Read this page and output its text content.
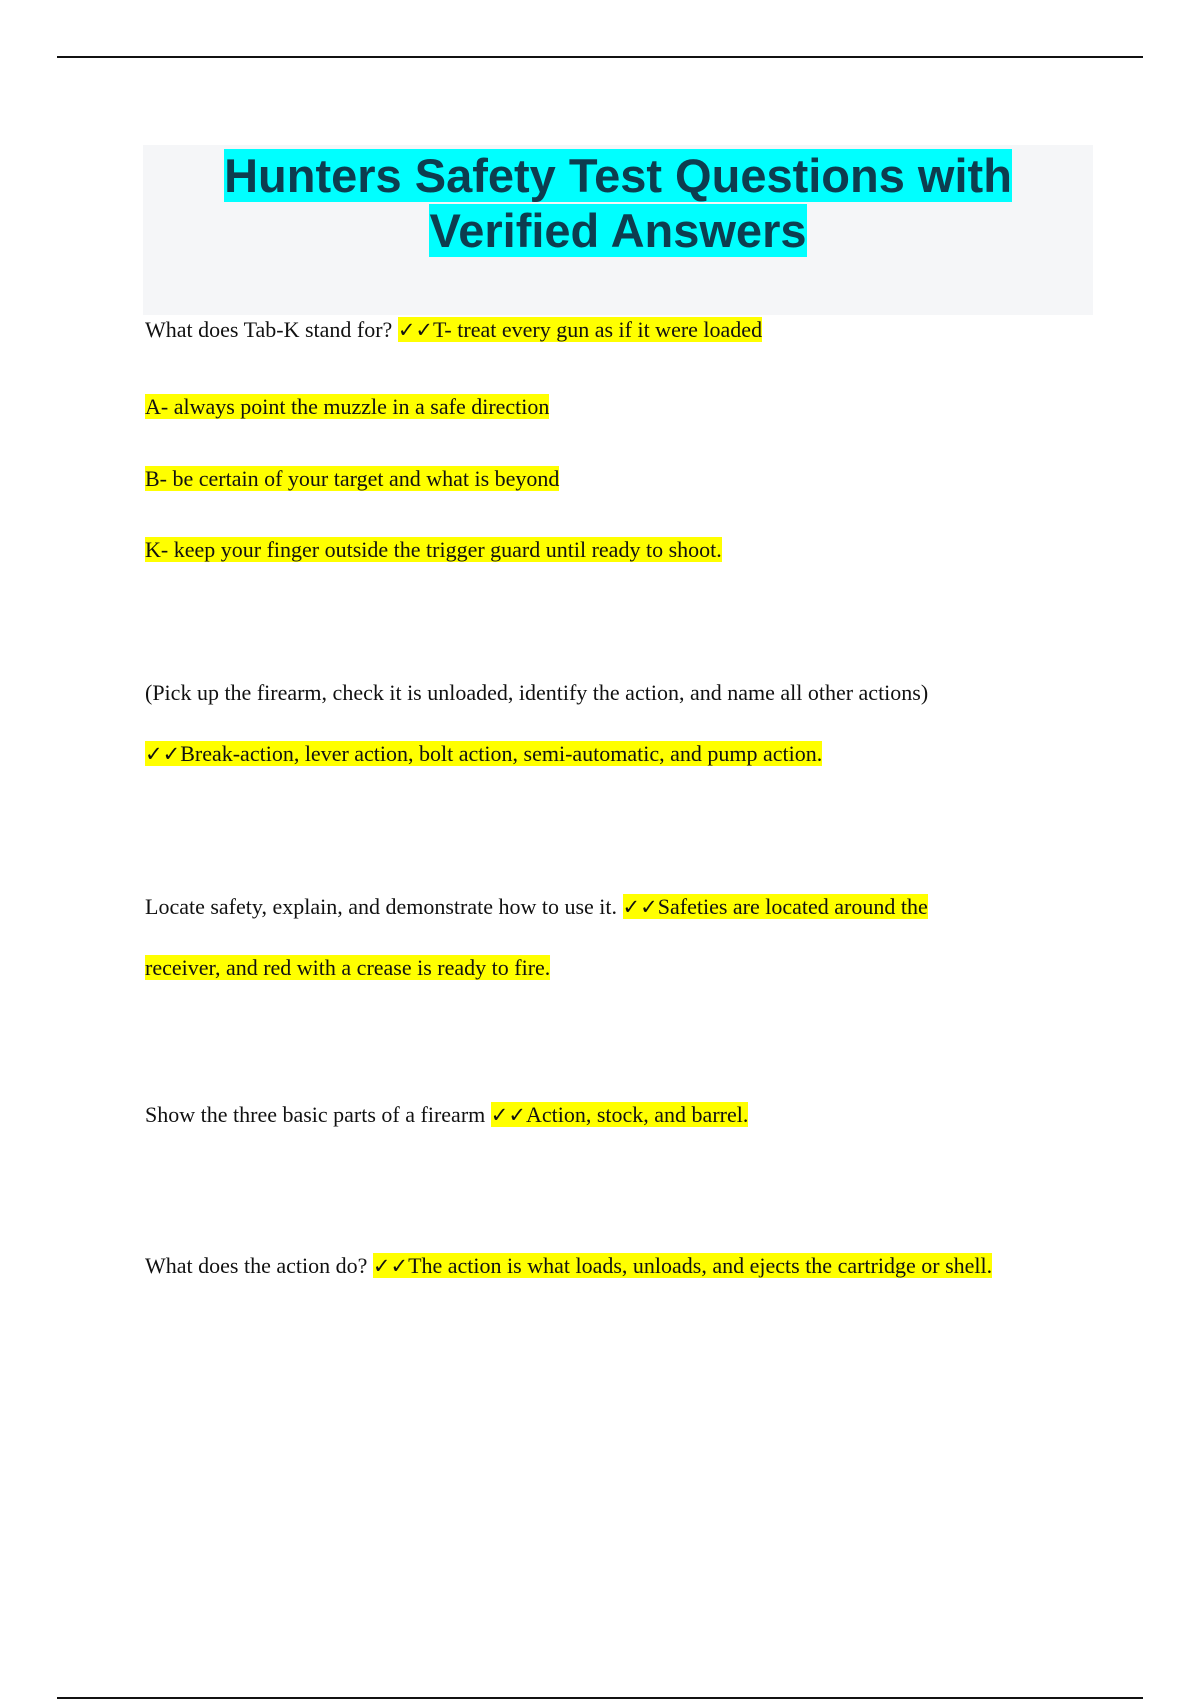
Hunters Safety Test Questions with
Verified Answers
What does Tab-K stand for? ✓✓T- treat every gun as if it were loaded
A- always point the muzzle in a safe direction
B- be certain of your target and what is beyond
K- keep your finger outside the trigger guard until ready to shoot.
(Pick up the firearm, check it is unloaded, identify the action, and name all other actions)
✓✓Break-action, lever action, bolt action, semi-automatic, and pump action.
Locate safety, explain, and demonstrate how to use it. ✓✓Safeties are located around the
receiver, and red with a crease is ready to fire.
Show the three basic parts of a firearm ✓✓Action, stock, and barrel.
What does the action do? ✓✓The action is what loads, unloads, and ejects the cartridge or shell.
